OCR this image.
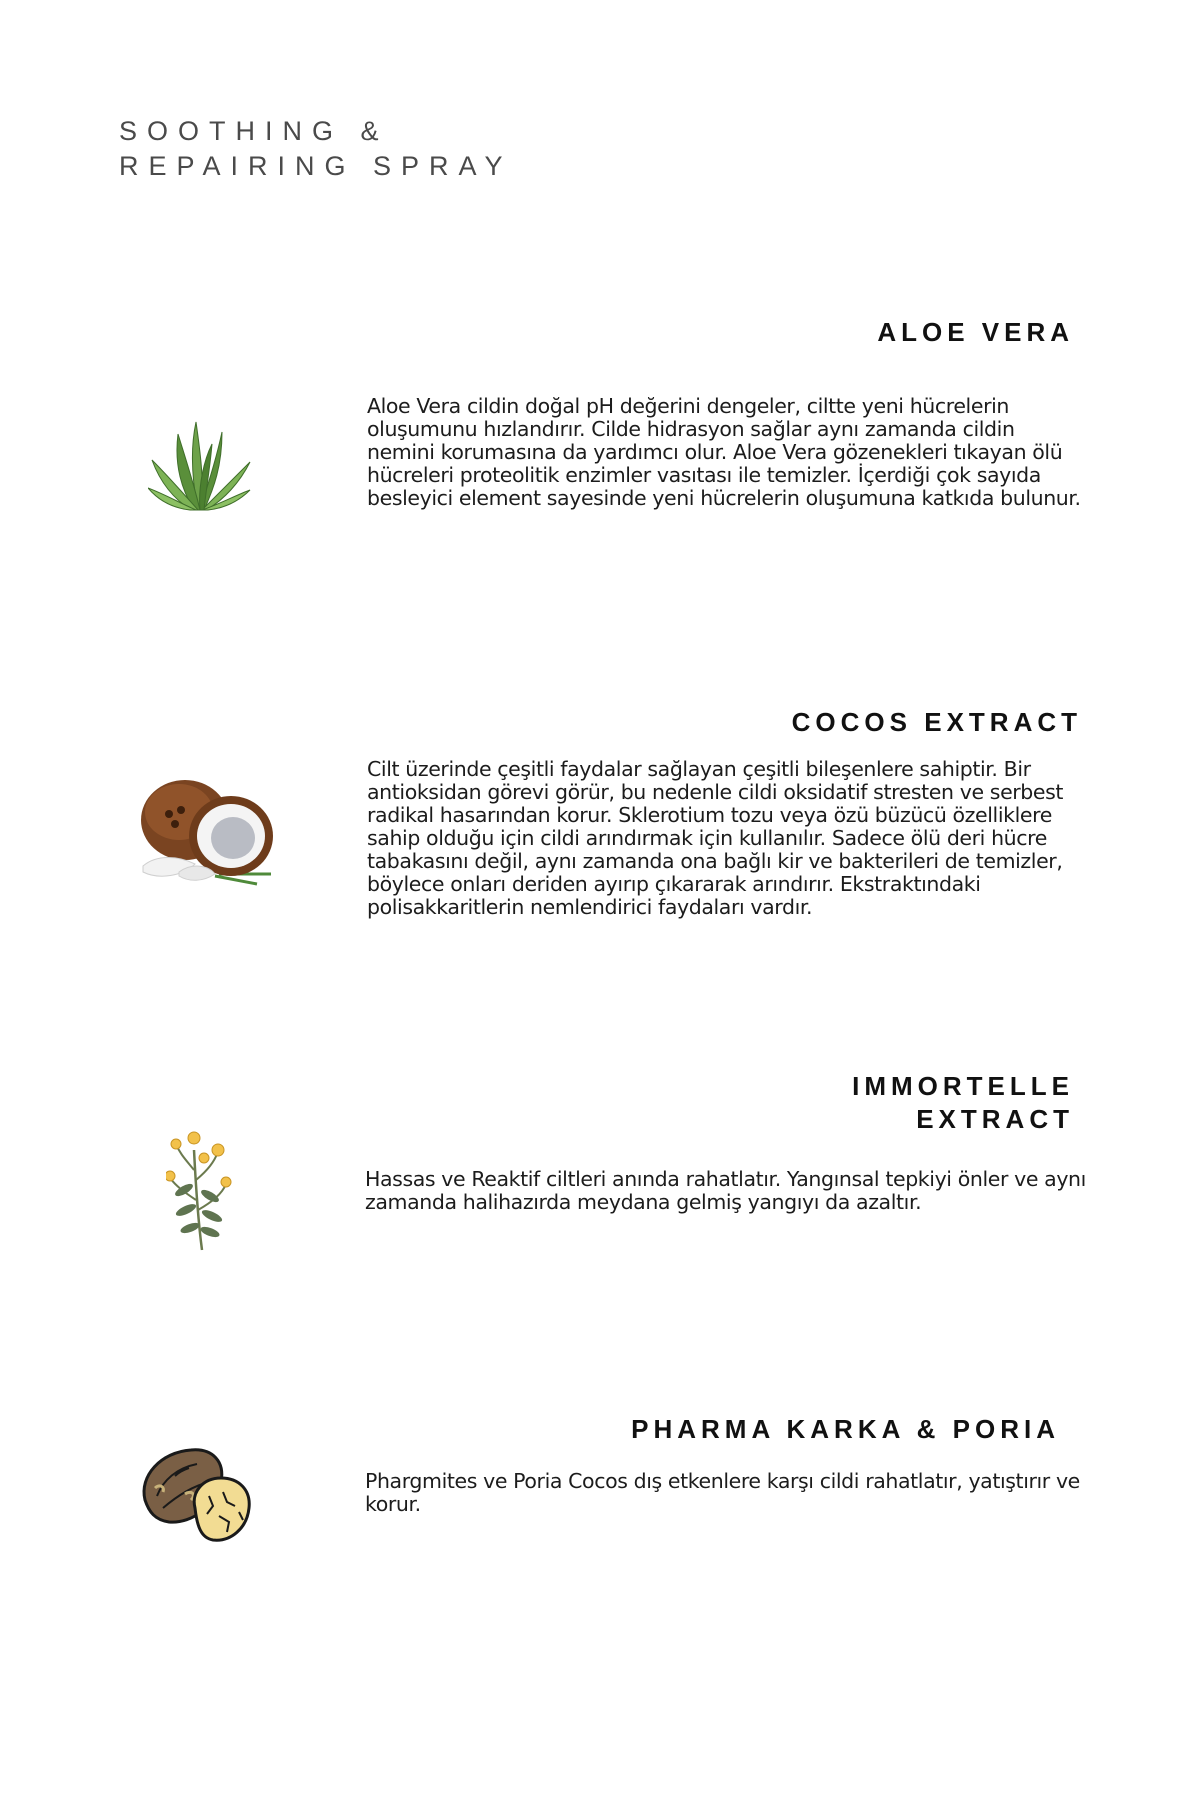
SOOTHING &
REPAIRING SPRAY
ALOE VERA

Aloe Vera cildin doğal pH değerini dengeler, ciltte yeni hücrelerin oluşumunu hızlandırır. Cilde hidrasyon sağlar aynı zamanda cildin nemini korumasına da yardımcı olur. Aloe Vera gözenekleri tıkayan ölü hücreleri proteolitik enzimler vasıtası ile temizler. İçerdiği çok sayıda besleyici element sayesinde yeni hücrelerin oluşumuna katkıda bulunur.

COCOS EXTRACT

Cilt üzerinde çeşitli faydalar sağlayan çeşitli bileşenlere sahiptir. Bir antioksidan görevi görür, bu nedenle cildi oksidatif stresten ve serbest radikal hasarından korur. Sklerotium tozu veya özü büzücü özelliklere sahip olduğu için cildi arındırmak için kullanılır. Sadece ölü deri hücre tabakasını değil, aynı zamanda ona bağlı kir ve bakterileri de temizler, böylece onları deriden ayırıp çıkararak arındırır. Ekstraktındaki polisakkaritlerin nemlendirici faydaları vardır.

IMMORTELLE
EXTRACT

Hassas ve Reaktif ciltleri anında rahatlatır. Yangınsal tepkiyi önler ve aynı zamanda halihazırda meydana gelmiş yangıyı da azaltır.

PHARMA KARKA & PORIA

Phargmites ve Poria Cocos dış etkenlere karşı cildi rahatlatır, yatıştırır ve korur.
